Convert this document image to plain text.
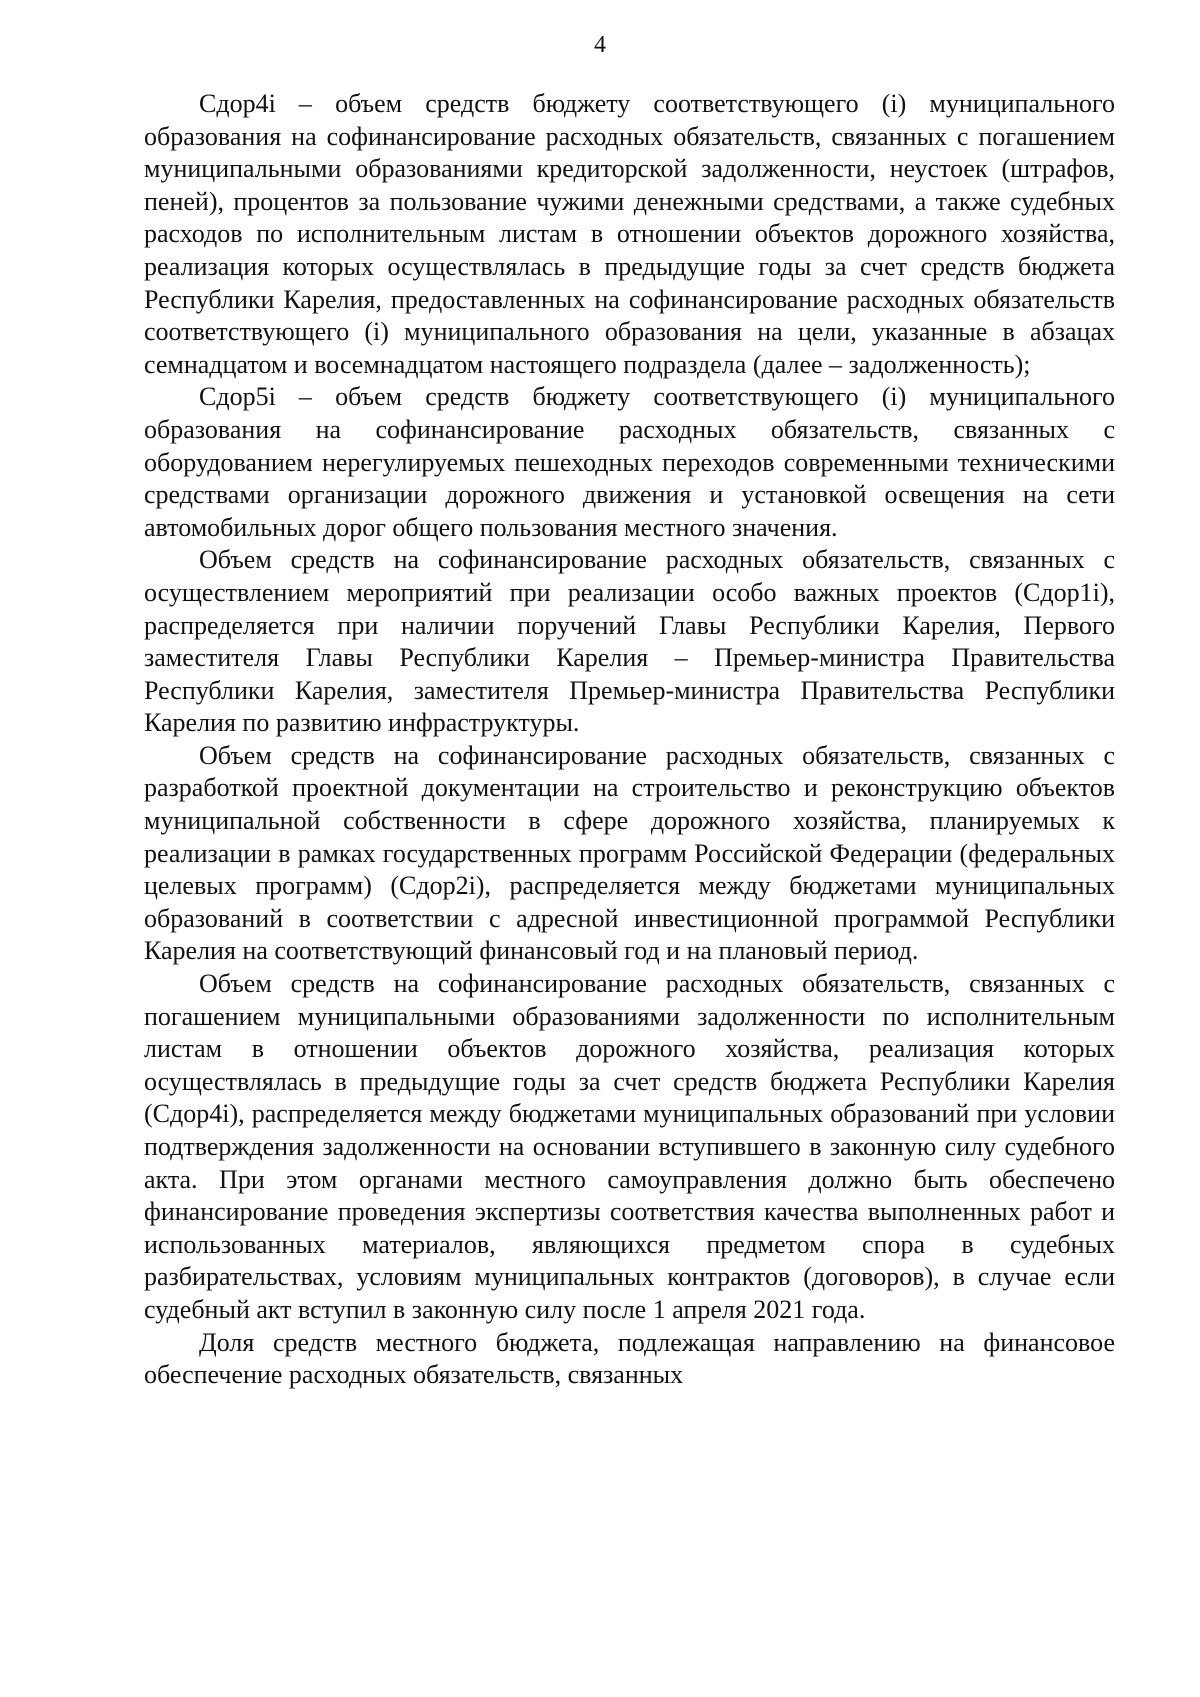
4

Сдор4i – объем средств бюджету соответствующего (i) муниципального образования на софинансирование расходных обязательств, связанных с погашением муниципальными образованиями кредиторской задолженности, неустоек (штрафов, пеней), процентов за пользование чужими денежными средствами, а также судебных расходов по исполнительным листам в отношении объектов дорожного хозяйства, реализация которых осуществлялась в предыдущие годы за счет средств бюджета Республики Карелия, предоставленных на софинансирование расходных обязательств соответствующего (i) муниципального образования на цели, указанные в абзацах семнадцатом и восемнадцатом настоящего подраздела (далее – задолженность);

Сдор5i – объем средств бюджету соответствующего (i) муниципального образования на софинансирование расходных обязательств, связанных с оборудованием нерегулируемых пешеходных переходов современными техническими средствами организации дорожного движения и установкой освещения на сети автомобильных дорог общего пользования местного значения.

Объем средств на софинансирование расходных обязательств, связанных с осуществлением мероприятий при реализации особо важных проектов (Сдор1i), распределяется при наличии поручений Главы Республики Карелия, Первого заместителя Главы Республики Карелия – Премьер-министра Правительства Республики Карелия, заместителя Премьер-министра Правительства Республики Карелия по развитию инфраструктуры.

Объем средств на софинансирование расходных обязательств, связанных с разработкой проектной документации на строительство и реконструкцию объектов муниципальной собственности в сфере дорожного хозяйства, планируемых к реализации в рамках государственных программ Российской Федерации (федеральных целевых программ) (Сдор2i), распределяется между бюджетами муниципальных образований в соответствии с адресной инвестиционной программой Республики Карелия на соответствующий финансовый год и на плановый период.

Объем средств на софинансирование расходных обязательств, связанных с погашением муниципальными образованиями задолженности по исполнительным листам в отношении объектов дорожного хозяйства, реализация которых осуществлялась в предыдущие годы за счет средств бюджета Республики Карелия (Сдор4i), распределяется между бюджетами муниципальных образований при условии подтверждения задолженности на основании вступившего в законную силу судебного акта. При этом органами местного самоуправления должно быть обеспечено финансирование проведения экспертизы соответствия качества выполненных работ и использованных материалов, являющихся предметом спора в судебных разбирательствах, условиям муниципальных контрактов (договоров), в случае если судебный акт вступил в законную силу после 1 апреля 2021 года.

Доля средств местного бюджета, подлежащая направлению на финансовое обеспечение расходных обязательств, связанных
